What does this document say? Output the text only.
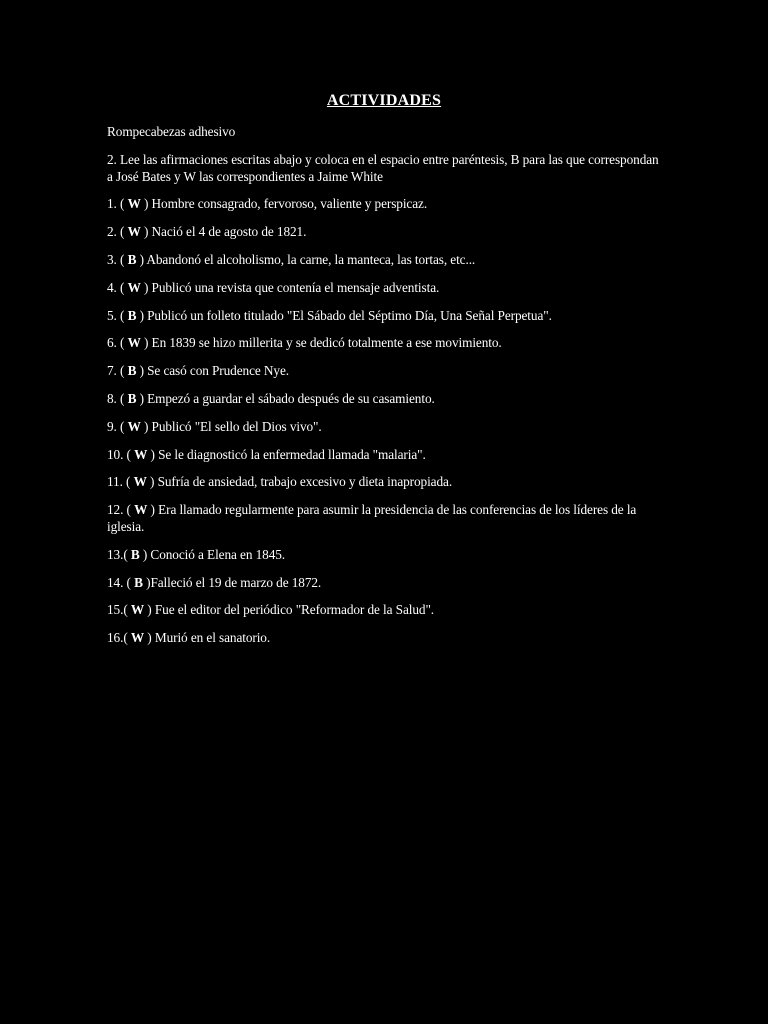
ACTIVIDADES
Rompecabezas adhesivo
2. Lee las afirmaciones escritas abajo y coloca en el espacio entre paréntesis, B para las que correspondan a José Bates y W las correspondientes a Jaime White
1. ( W ) Hombre consagrado, fervoroso, valiente y perspicaz.
2. ( W ) Nació el 4 de agosto de 1821.
3. ( B ) Abandonó el alcoholismo, la carne, la manteca, las tortas, etc...
4. ( W ) Publicó una revista que contenía el mensaje adventista.
5. ( B ) Publicó un folleto titulado "El Sábado del Séptimo Día, Una Señal Perpetua".
6. ( W ) En 1839 se hizo millerita y se dedicó totalmente a ese movimiento.
7. ( B ) Se casó con Prudence Nye.
8. ( B ) Empezó a guardar el sábado después de su casamiento.
9. ( W ) Publicó "El sello del Dios vivo".
10. ( W ) Se le diagnosticó la enfermedad llamada "malaria".
11. ( W ) Sufría de ansiedad, trabajo excesivo y dieta inapropiada.
12. ( W ) Era llamado regularmente para asumir la presidencia de las conferencias de los líderes de la iglesia.
13.( B ) Conoció a Elena en 1845.
14. ( B )Falleció el 19 de marzo de 1872.
15.( W ) Fue el editor del periódico "Reformador de la Salud".
16.( W ) Murió en el sanatorio.
